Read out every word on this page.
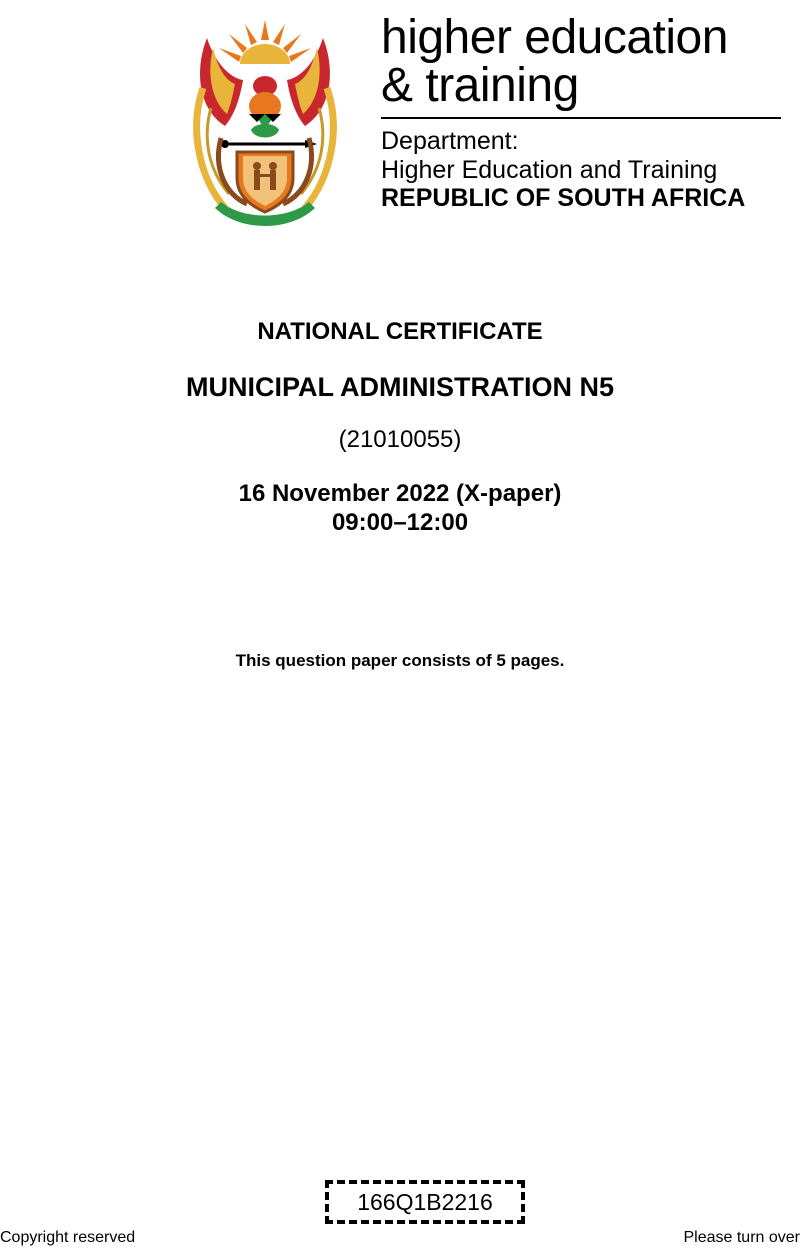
higher education
& training
Department:
Higher Education and Training
REPUBLIC OF SOUTH AFRICA
NATIONAL CERTIFICATE
MUNICIPAL ADMINISTRATION N5
(21010055)
16 November 2022 (X-paper)
09:00–12:00
This question paper consists of 5 pages.
166Q1B2216
Copyright reserved	Please turn over
